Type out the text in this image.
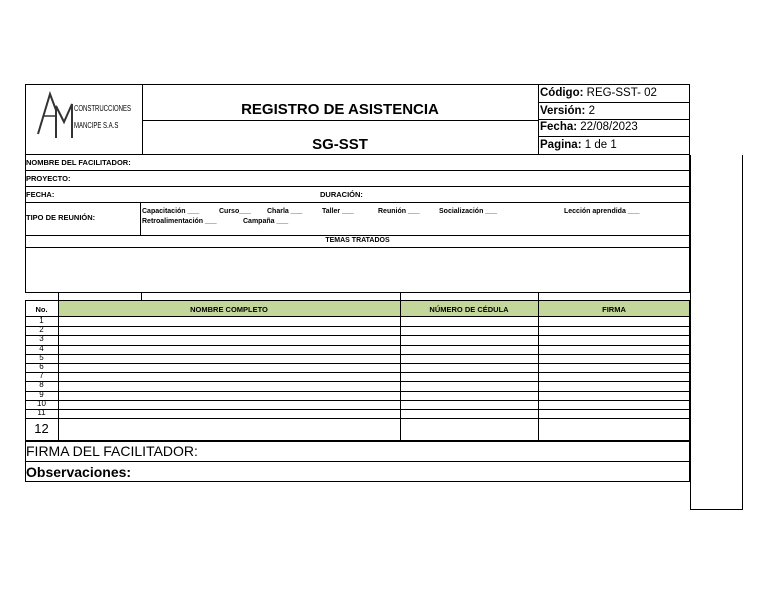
CONSTRUCCIONES
MANCIPE S.A.S
REGISTRO DE ASISTENCIA
SG-SST
Código: REG-SST- 02
Versión: 2
Fecha: 22/08/2023
Pagina: 1 de 1
NOMBRE DEL FACILITADOR:
PROYECTO:
FECHA:	DURACIÓN:
TIPO DE REUNIÓN:
Capacitación ___	Curso___ Charla ___	Taller ___	Reunión ___	Socialización ___	Lección aprendida ___
Retroalimentación ___	Campaña ___
TEMAS TRATADOS
No.	NOMBRE COMPLETO	NÚMERO DE CÉDULA	FIRMA
1
2
3
4
5
6
7
8
9
10
11
12
FIRMA DEL FACILITADOR:
Observaciones:
